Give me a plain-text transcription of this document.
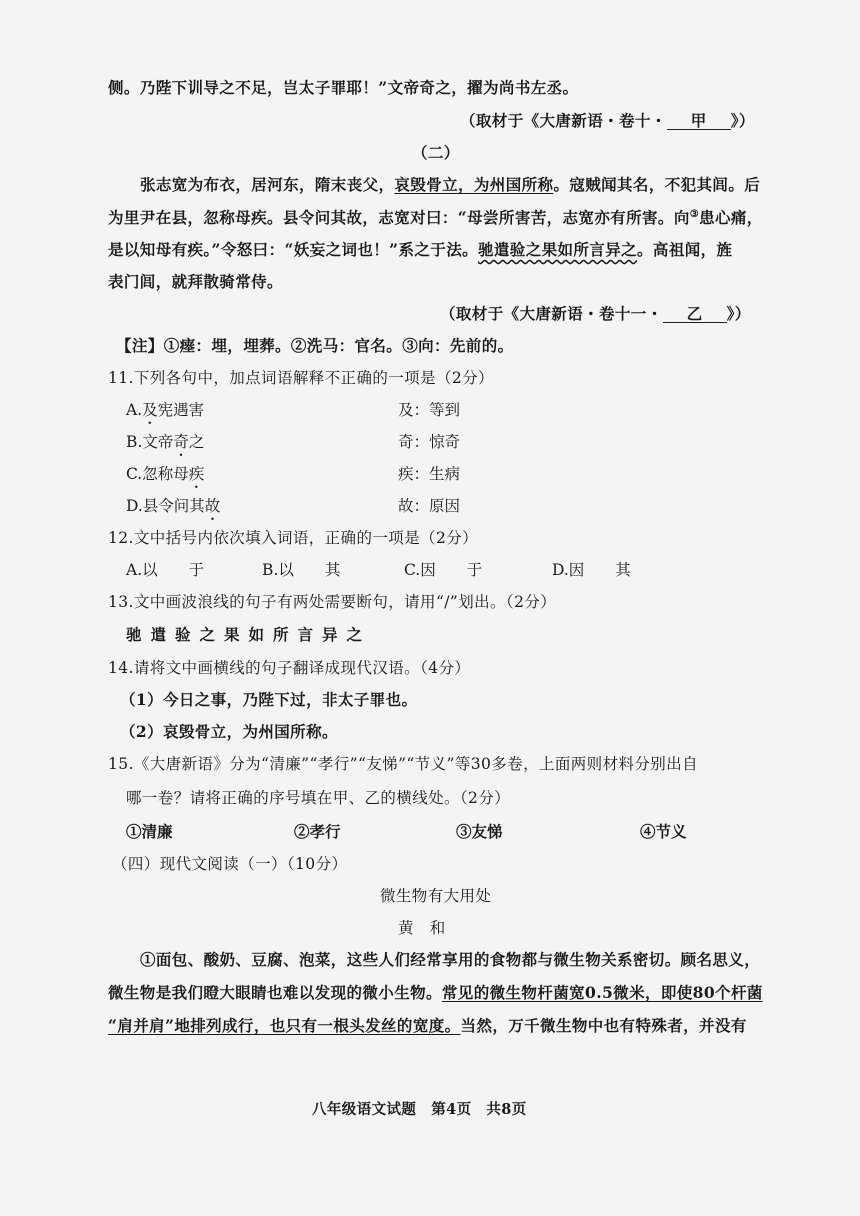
侧。乃陛下训导之不足，岂太子罪耶！”文帝奇之，擢为尚书左丞。
（取材于《大唐新语・卷十・ 甲 》）
（二）
张志宽为布衣，居河东，隋末丧父，哀毁骨立，为州国所称。寇贼闻其名，不犯其闾。后
为里尹在县，忽称母疾。县令问其故，志宽对曰：“母尝所害苦，志宽亦有所害。向③患心痛，
是以知母有疾。”令怒曰：“妖妄之词也！”系之于法。驰遣验之果如所言异之。高祖闻，旌
表门闾，就拜散骑常侍。
（取材于《大唐新语・卷十一・ 乙 》）
【注】①瘗：埋，埋葬。②洗马：官名。③向：先前的。
11.下列各句中，加点词语解释不正确的一项是（2分）
A.及宪遇害	及：等到
B.文帝奇之	奇：惊奇
C.忽称母疾	疾：生病
D.县令问其故	故：原因
12.文中括号内依次填入词语，正确的一项是（2分）
A.以　　于	B.以　　其	C.因　　于	D.因　　其
13.文中画波浪线的句子有两处需要断句，请用“/”划出。（2分）
驰遣验之果如所言异之
14.请将文中画横线的句子翻译成现代汉语。（4分）
（1）今日之事，乃陛下过，非太子罪也。
（2）哀毁骨立，为州国所称。
15.《大唐新语》分为“清廉”“孝行”“友悌”“节义”等30多卷，上面两则材料分别出自
哪一卷？请将正确的序号填在甲、乙的横线处。（2分）
①清廉	②孝行	③友悌	④节义
（四）现代文阅读（一）（10分）
微生物有大用处
黄　和
①面包、酸奶、豆腐、泡菜，这些人们经常享用的食物都与微生物关系密切。顾名思义，
微生物是我们瞪大眼睛也难以发现的微小生物。常见的微生物杆菌宽0.5微米，即使80个杆菌
“肩并肩”地排列成行，也只有一根头发丝的宽度。当然，万千微生物中也有特殊者，并没有
八年级语文试题　第4页　共8页
